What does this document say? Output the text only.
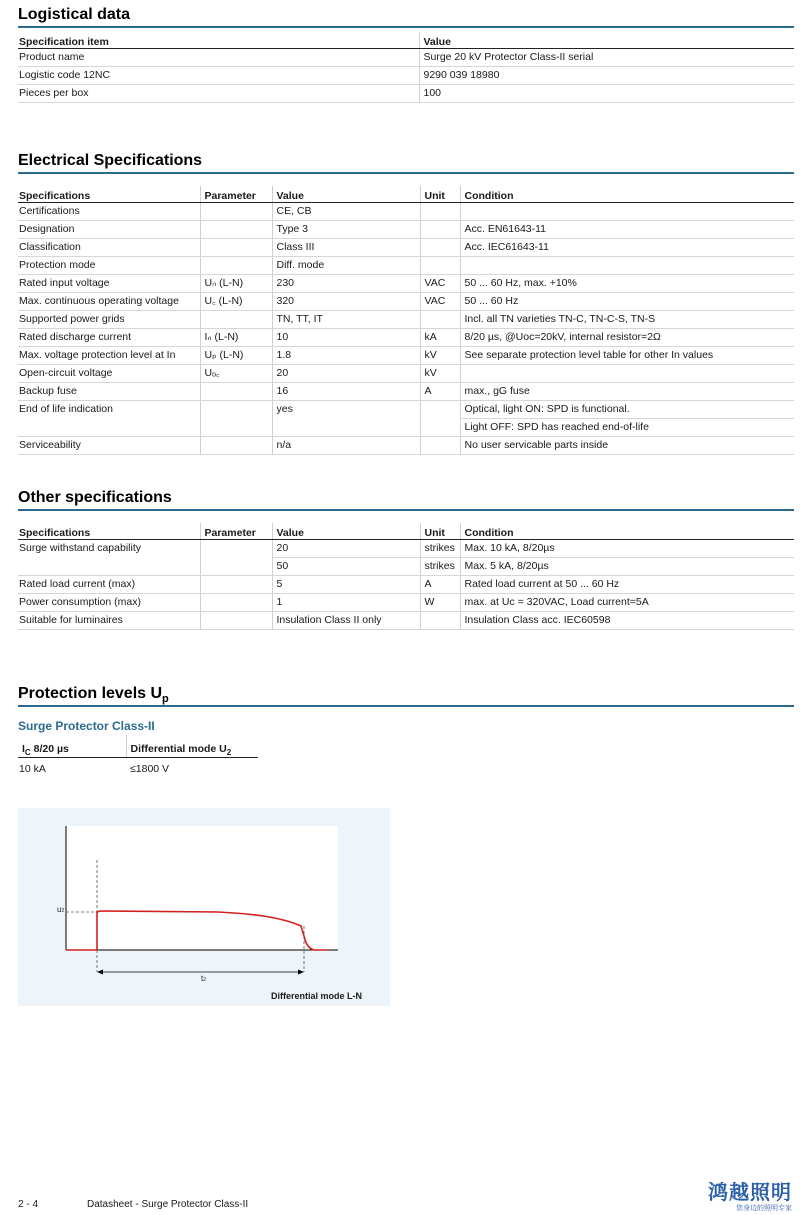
Logistical data
Specification item	Value
Product name	Surge 20 kV Protector Class-II serial
Logistic code 12NC	9290 039 18980
Pieces per box	100
Electrical Specifications
Specifications	Parameter	Value	Unit	Condition
Certifications		CE, CB		
Designation		Type 3		Acc. EN61643-11
Classification		Class III		Acc. IEC61643-11
Protection mode		Diff. mode		
Rated input voltage	Uₙ (L-N)	230	VAC	50 ... 60 Hz, max. +10%
Max. continuous operating voltage	U꜀ (L-N)	320	VAC	50 ... 60 Hz
Supported power grids		TN, TT, IT		Incl. all TN varieties TN-C, TN-C-S, TN-S
Rated discharge current	Iₙ (L-N)	10	kA	8/20 µs, @Uoc=20kV, internal resistor=2Ω
Max. voltage protection level at In	Uₚ (L-N)	1.8	kV	See separate protection level table for other In values
Open-circuit voltage	Uₒ꜀	20	kV	
Backup fuse		16	A	max., gG fuse
End of life indication		yes		Optical, light ON: SPD is functional.
				Light OFF: SPD has reached end-of-life
Serviceability		n/a		No user servicable parts inside
Other specifications
Specifications	Parameter	Value	Unit	Condition
Surge withstand capability		20	strikes	Max. 10 kA, 8/20µs
		50	strikes	Max. 5 kA, 8/20µs
Rated load current (max)		5	A	Rated load current at 50 ... 60 Hz
Power consumption (max)		1	W	max. at Uc = 320VAC, Load current=5A
Suitable for luminaires		Insulation Class II only		Insulation Class acc. IEC60598
Protection levels $U_p$
Surge Protector Class-II
$I_C$ 8/20 µs	Differential mode $U_2$
10 kA	≤1800 V
u2
t2
Differential mode L-N
2 - 4	Datasheet - Surge Protector Class-II
鸿越照明
您身边的照明专家
